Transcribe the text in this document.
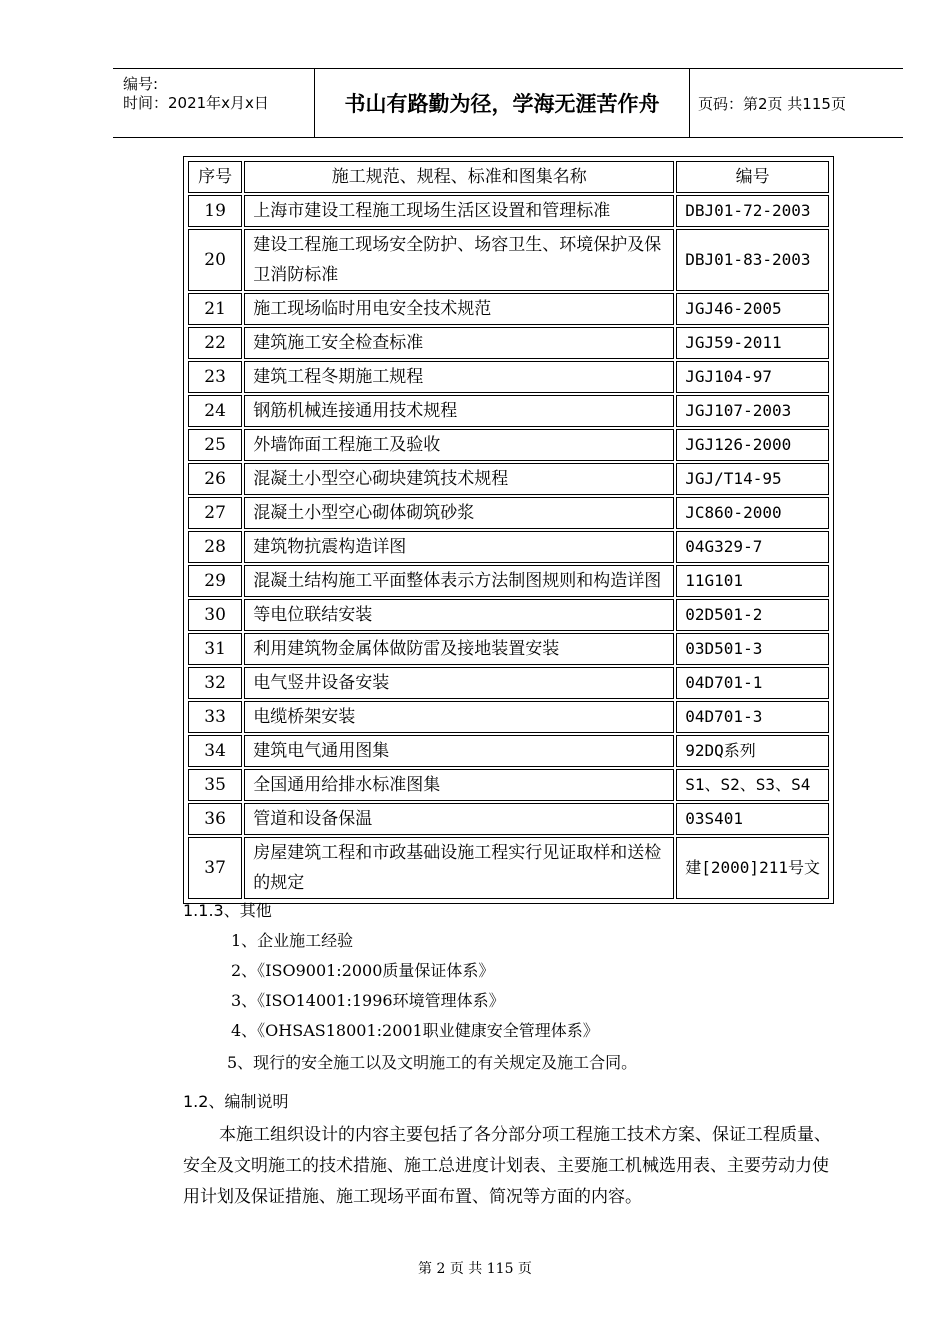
编号:
时间：2021年x月x日	书山有路勤为径，学海无涯苦作舟	页码：第2页 共115页
序号	施工规范、规程、标准和图集名称	编号
19	上海市建设工程施工现场生活区设置和管理标准	DBJ01-72-2003
20	建设工程施工现场安全防护、场容卫生、环境保护及保卫消防标准	DBJ01-83-2003
21	施工现场临时用电安全技术规范	JGJ46-2005
22	建筑施工安全检查标准	JGJ59-2011
23	建筑工程冬期施工规程	JGJ104-97
24	钢筋机械连接通用技术规程	JGJ107-2003
25	外墙饰面工程施工及验收	JGJ126-2000
26	混凝土小型空心砌块建筑技术规程	JGJ/T14-95
27	混凝土小型空心砌体砌筑砂浆	JC860-2000
28	建筑物抗震构造详图	04G329-7
29	混凝土结构施工平面整体表示方法制图规则和构造详图	11G101
30	等电位联结安装	02D501-2
31	利用建筑物金属体做防雷及接地装置安装	03D501-3
32	电气竖井设备安装	04D701-1
33	电缆桥架安装	04D701-3
34	建筑电气通用图集	92DQ系列
35	全国通用给排水标准图集	S1、S2、S3、S4
36	管道和设备保温	03S401
37	房屋建筑工程和市政基础设施工程实行见证取样和送检的规定	建[2000]211号文
1.1.3、其他
1、企业施工经验
2、《ISO9001:2000质量保证体系》
3、《ISO14001:1996环境管理体系》
4、《OHSAS18001:2001职业健康安全管理体系》
5、现行的安全施工以及文明施工的有关规定及施工合同。
1.2、编制说明
本施工组织设计的内容主要包括了各分部分项工程施工技术方案、保证工程质量、安全及文明施工的技术措施、施工总进度计划表、主要施工机械选用表、主要劳动力使用计划及保证措施、施工现场平面布置、简况等方面的内容。
第 2 页 共 115 页
